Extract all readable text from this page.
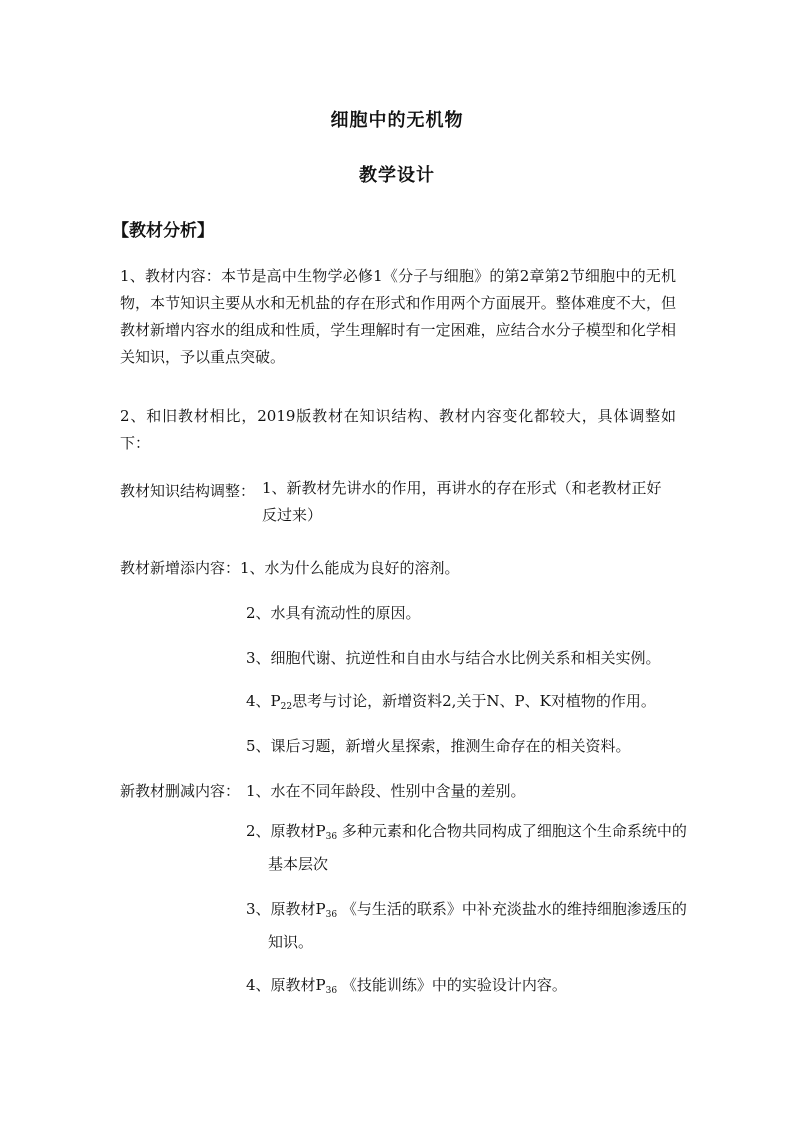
细胞中的无机物
教学设计
【教材分析】
1、教材内容：本节是高中生物学必修1《分子与细胞》的第2章第2节细胞中的无机物，本节知识主要从水和无机盐的存在形式和作用两个方面展开。整体难度不大，但教材新增内容水的组成和性质，学生理解时有一定困难，应结合水分子模型和化学相关知识，予以重点突破。
2、和旧教材相比，2019版教材在知识结构、教材内容变化都较大，具体调整如下：
教材知识结构调整： 1、新教材先讲水的作用，再讲水的存在形式（和老教材正好反过来）
教材新增添内容： 1、水为什么能成为良好的溶剂。
2、水具有流动性的原因。
3、细胞代谢、抗逆性和自由水与结合水比例关系和相关实例。
4、$P_{22}$思考与讨论，新增资料2,关于N、P、K对植物的作用。
5、课后习题，新增火星探索，推测生命存在的相关资料。
新教材删减内容： 1、水在不同年龄段、性别中含量的差别。
2、原教材$P_{36}$ 多种元素和化合物共同构成了细胞这个生命系统中的基本层次
3、原教材$P_{36}$ 《与生活的联系》中补充淡盐水的维持细胞渗透压的知识。
4、原教材$P_{36}$ 《技能训练》中的实验设计内容。
